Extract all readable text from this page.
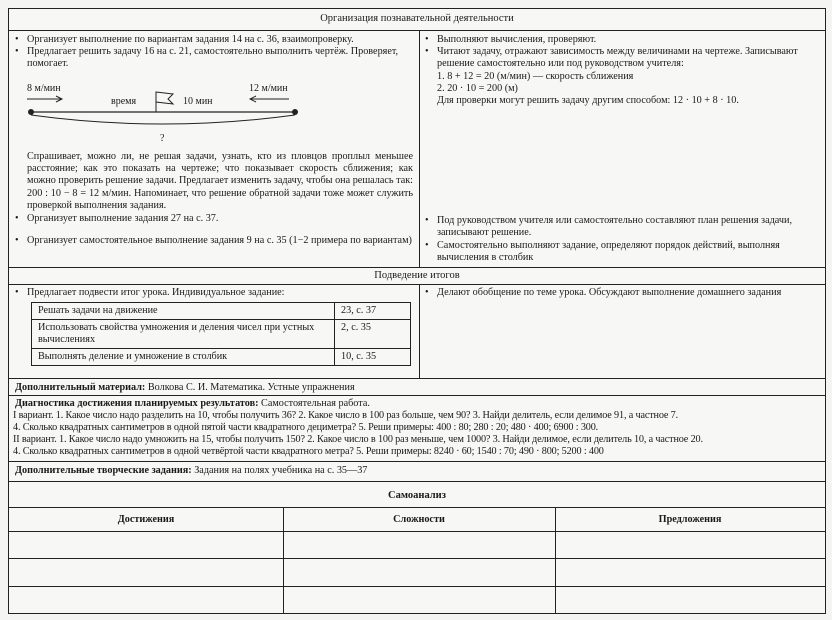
Организация познавательной деятельности
• Организует выполнение по вариантам задания 14 на с. 36, взаимопроверку.
• Предлагает решить задачу 16 на с. 21, самостоятельно выполнить чертёж. Проверяет, помогает.
8 м/мин
время	10 мин
12 м/мин
?
Спрашивает, можно ли, не решая задачи, узнать, кто из пловцов проплыл меньшее расстояние; как это показать на чертеже; что показывает скорость сближения; как можно проверить решение задачи. Предлагает изменить задачу, чтобы она решалась так: 200 : 10 − 8 = 12 м/мин. Напоминает, что решение обратной задачи тоже может служить проверкой выполнения задания.
• Организует выполнение задания 27 на с. 37.
• Организует самостоятельное выполнение задания 9 на с. 35 (1−2 примера по вариантам)
• Выполняют вычисления, проверяют.
• Читают задачу, отражают зависимость между величинами на чертеже. Записывают решение самостоятельно или под руководством учителя:
1. 8 + 12 = 20 (м/мин) — скорость сближения
2. 20 · 10 = 200 (м)
Для проверки могут решить задачу другим способом: 12 · 10 + 8 · 10.
• Под руководством учителя или самостоятельно составляют план решения задачи, записывают решение.
• Самостоятельно выполняют задание, определяют порядок действий, выполняя вычисления в столбик
Подведение итогов
• Предлагает подвести итог урока. Индивидуальное задание:
Решать задачи на движение	23, с. 37
Использовать свойства умножения и деления чисел при устных вычислениях	2, с. 35
Выполнять деление и умножение в столбик	10, с. 35
• Делают обобщение по теме урока. Обсуждают выполнение домашнего задания
Дополнительный материал: Волкова С. И. Математика. Устные упражнения
Диагностика достижения планируемых результатов: Самостоятельная работа.
I вариант. 1. Какое число надо разделить на 10, чтобы получить 36? 2. Какое число в 100 раз больше, чем 90? 3. Найди делитель, если делимое 91, а частное 7.
4. Сколько квадратных сантиметров в одной пятой части квадратного дециметра? 5. Реши примеры: 400 : 80; 280 : 20; 480 · 400; 6900 : 300.
II вариант. 1. Какое число надо умножить на 15, чтобы получить 150? 2. Какое число в 100 раз меньше, чем 1000? 3. Найди делимое, если делитель 10, а частное 20.
4. Сколько квадратных сантиметров в одной четвёртой части квадратного метра? 5. Реши примеры: 8240 · 60; 1540 : 70; 490 · 800; 5200 : 400
Дополнительные творческие задания: Задания на полях учебника на с. 35—37
Самоанализ
Достижения	Сложности	Предложения
